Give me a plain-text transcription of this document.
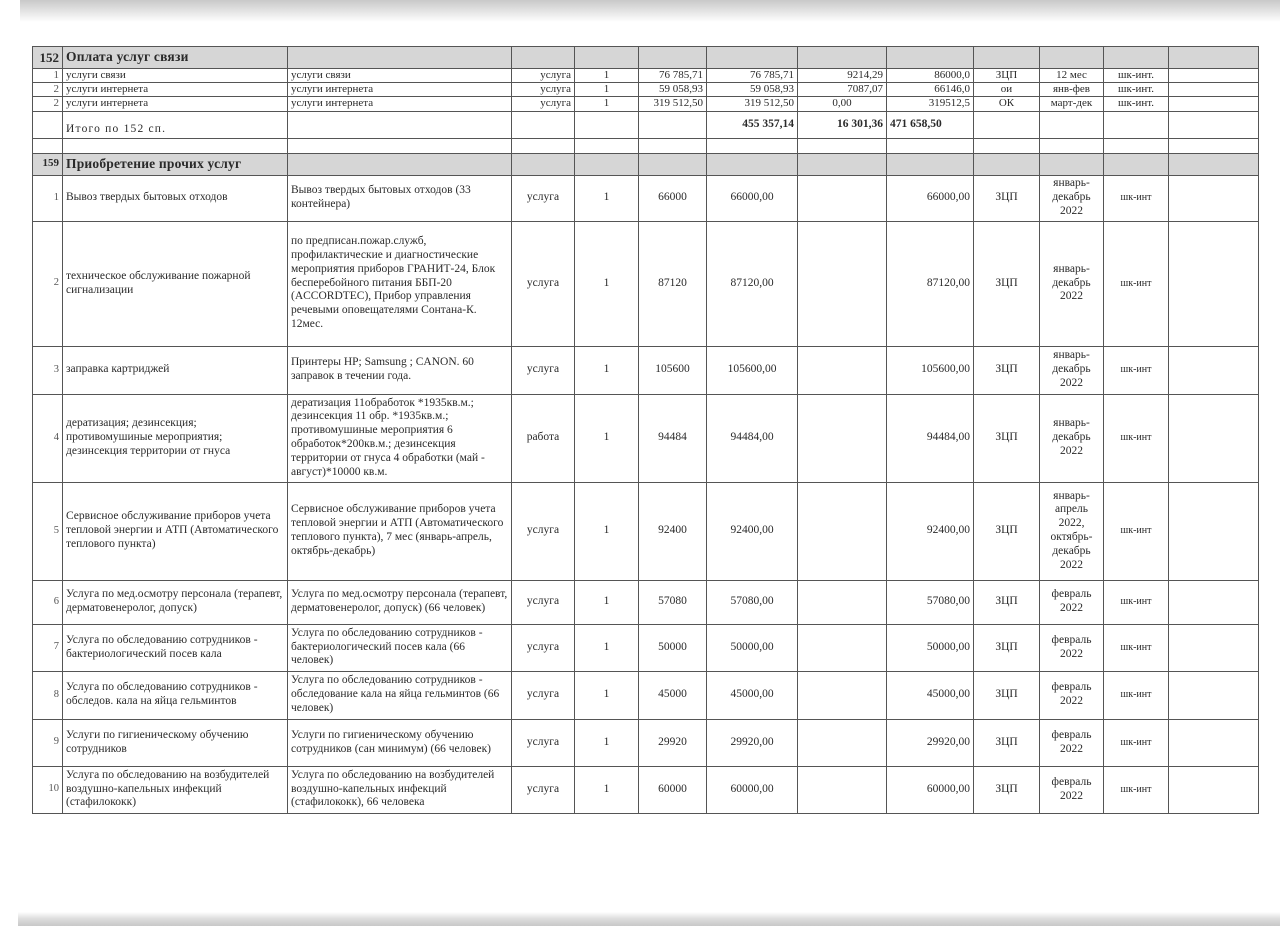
152	Оплата услуг связи											
1	услуги связи	услуги связи	услуга	1	76 785,71	76 785,71	9214,29	86000,0	ЗЦП	12 мес	шк-инт.	
2	услуги интернета	услуги интернета	услуга	1	59 058,93	59 058,93	7087,07	66146,0	ои	янв-фев	шк-инт.	
2	услуги интернета	услуги интернета	услуга	1	319 512,50	319 512,50	0,00	319512,5	ОК	март-дек	шк-инт.	
	Итого по 152 сп.					455 357,14	16 301,36	471 658,50				

159	Приобретение прочих услуг											
1	Вывоз твердых бытовых отходов	Вывоз твердых бытовых отходов (33 контейнера)	услуга	1	66000	66000,00		66000,00	ЗЦП	январь-декабрь 2022	шк-инт	
2	техническое обслуживание пожарной сигнализации	по предписан.пожар.служб, профилактические и диагностические мероприятия приборов ГРАНИТ-24, Блок бесперебойного питания ББП-20 (ACCORDTEC), Прибор управления речевыми оповещателями Сонтана-К. 12мес.	услуга	1	87120	87120,00		87120,00	ЗЦП	январь-декабрь 2022	шк-инт	
3	заправка картриджей	Принтеры HP; Samsung ; CANON. 60 заправок в течении года.	услуга	1	105600	105600,00		105600,00	ЗЦП	январь-декабрь 2022	шк-инт	
4	дератизация; дезинсекция; противомушиные мероприятия; дезинсекция территории от гнуса	дератизация 11обработок *1935кв.м.; дезинсекция 11 обр. *1935кв.м.; противомушиные мероприятия 6 обработок*200кв.м.; дезинсекция территории от гнуса 4 обработки (май - август)*10000 кв.м.	работа	1	94484	94484,00		94484,00	ЗЦП	январь-декабрь 2022	шк-инт	
5	Сервисное обслуживание приборов учета тепловой энергии и АТП (Автоматического теплового пункта)	Сервисное обслуживание приборов учета тепловой энергии и АТП (Автоматического теплового пункта), 7 мес (январь-апрель, октябрь-декабрь)	услуга	1	92400	92400,00		92400,00	ЗЦП	январь-апрель 2022, октябрь-декабрь 2022	шк-инт	
6	Услуга по мед.осмотру персонала (терапевт, дерматовенеролог, допуск)	Услуга по мед.осмотру персонала (терапевт, дерматовенеролог, допуск) (66 человек)	услуга	1	57080	57080,00		57080,00	ЗЦП	февраль 2022	шк-инт	
7	Услуга по обследованию сотрудников - бактериологический посев кала	Услуга по обследованию сотрудников - бактериологический посев кала (66 человек)	услуга	1	50000	50000,00		50000,00	ЗЦП	февраль 2022	шк-инт	
8	Услуга по обследованию сотрудников - обследов. кала на яйца гельминтов	Услуга по обследованию сотрудников - обследование кала на яйца гельминтов (66 человек)	услуга	1	45000	45000,00		45000,00	ЗЦП	февраль 2022	шк-инт	
9	Услуги по гигиеническому обучению сотрудников	Услуги по гигиеническому обучению сотрудников (сан минимум) (66 человек)	услуга	1	29920	29920,00		29920,00	ЗЦП	февраль 2022	шк-инт	
10	Услуга по обследованию на возбудителей воздушно-капельных инфекций (стафилококк)	Услуга по обследованию на возбудителей воздушно-капельных инфекций (стафилококк), 66 человека	услуга	1	60000	60000,00		60000,00	ЗЦП	февраль 2022	шк-инт	
